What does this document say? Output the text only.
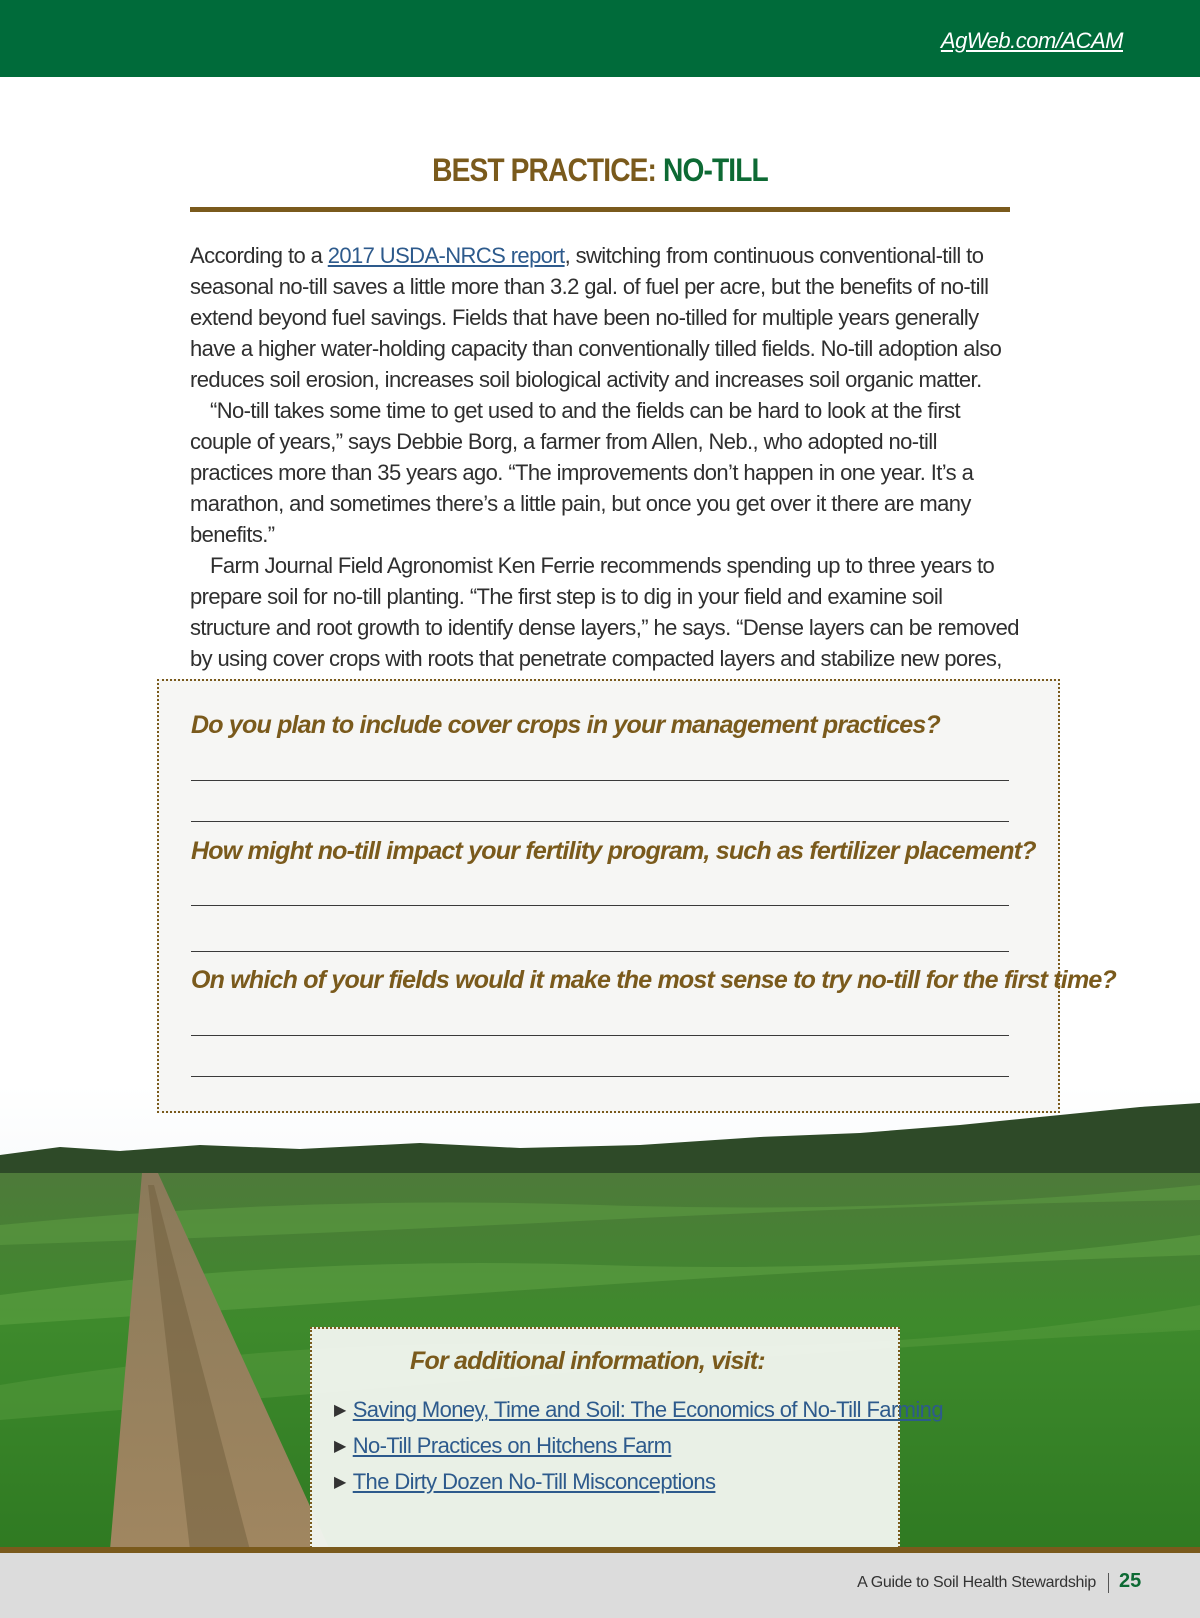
AgWeb.com/ACAM
BEST PRACTICE: NO-TILL

According to a 2017 USDA-NRCS report, switching from continuous conventional-till to seasonal no-till saves a little more than 3.2 gal. of fuel per acre, but the benefits of no-till extend beyond fuel savings. Fields that have been no-tilled for multiple years generally have a higher water-holding capacity than conventionally tilled fields. No-till adoption also reduces soil erosion, increases soil biological activity and increases soil organic matter.

“No-till takes some time to get used to and the fields can be hard to look at the first couple of years,” says Debbie Borg, a farmer from Allen, Neb., who adopted no-till practices more than 35 years ago. “The improvements don’t happen in one year. It’s a marathon, and sometimes there’s a little pain, but once you get over it there are many benefits.”

Farm Journal Field Agronomist Ken Ferrie recommends spending up to three years to prepare soil for no-till planting. “The first step is to dig in your field and examine soil structure and root growth to identify dense layers,” he says. “Dense layers can be removed by using cover crops with roots that penetrate compacted layers and stabilize new pores,

Do you plan to include cover crops in your management practices?
How might no-till impact your fertility program, such as fertilizer placement?
On which of your fields would it make the most sense to try no-till for the first time?
For additional information, visit:
▶ Saving Money, Time and Soil: The Economics of No-Till Farming
▶ No-Till Practices on Hitchens Farm
▶ The Dirty Dozen No-Till Misconceptions
A Guide to Soil Health Stewardship 25
